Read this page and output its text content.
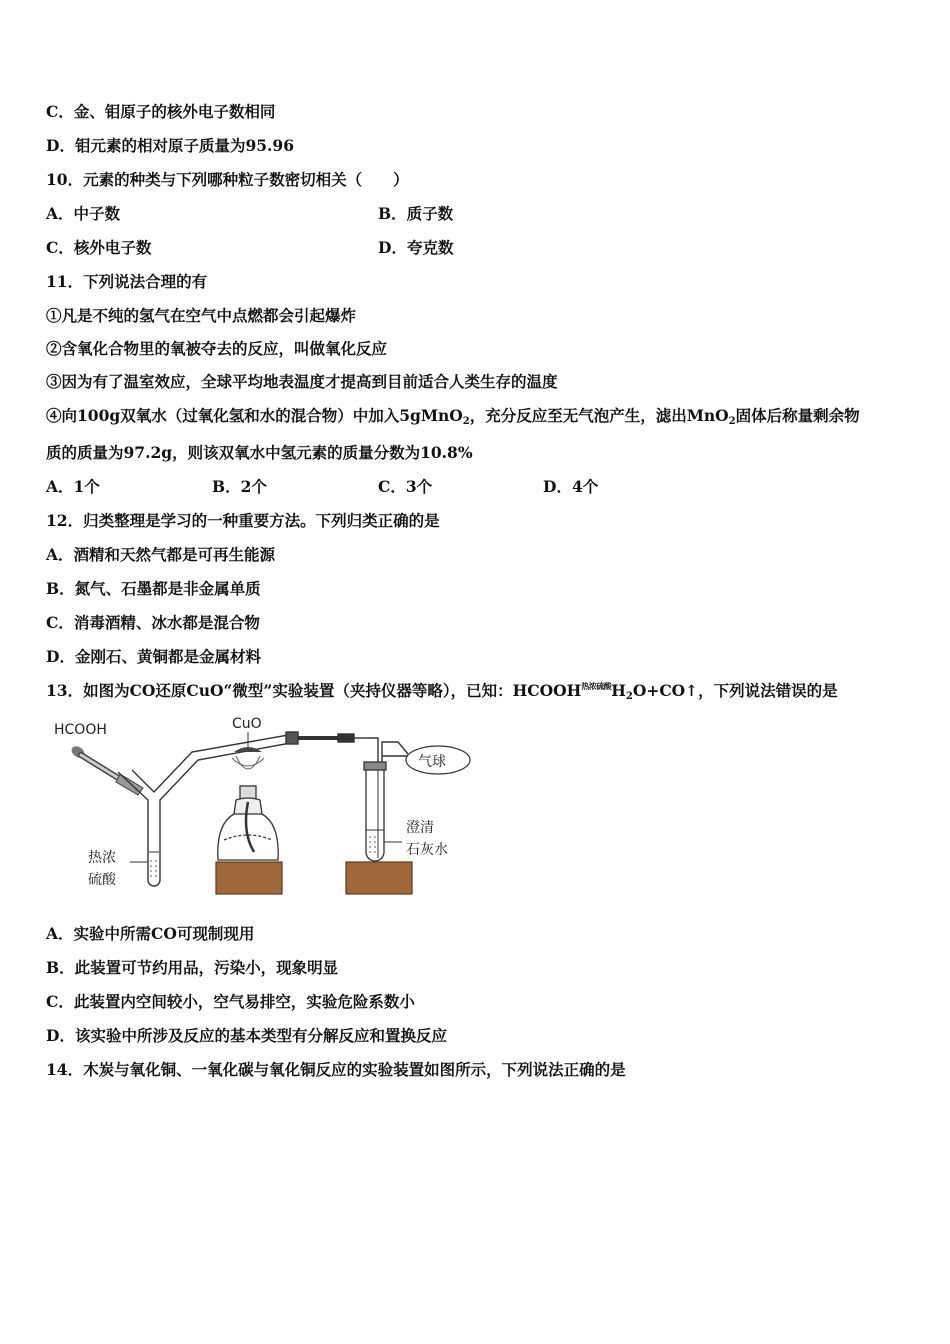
C．金、钼原子的核外电子数相同
D．钼元素的相对原子质量为95.96
10．元素的种类与下列哪种粒子数密切相关（　　）
A．中子数	B．质子数
C．核外电子数	D．夸克数
11．下列说法合理的有
①凡是不纯的氢气在空气中点燃都会引起爆炸
②含氧化合物里的氧被夺去的反应，叫做氧化反应
③因为有了温室效应，全球平均地表温度才提高到目前适合人类生存的温度
④向100g双氧水（过氧化氢和水的混合物）中加入5gMnO$_2$，充分反应至无气泡产生，滤出MnO$_2$固体后称量剩余物
质的质量为97.2g，则该双氧水中氢元素的质量分数为10.8%
A．1个	B．2个	C．3个	D．4个
12．归类整理是学习的一种重要方法。下列归类正确的是
A．酒精和天然气都是可再生能源
B．氮气、石墨都是非金属单质
C．消毒酒精、冰水都是混合物
D．金刚石、黄铜都是金属材料
13．如图为CO还原CuO“微型”实验装置（夹持仪器等略），已知：$HCOOH^{热浓硫酸}H_2O+CO↑$，下列说法错误的是
HCOOH	CuO
气球
澄清
石灰水
热浓
硫酸
A．实验中所需CO可现制现用
B．此装置可节约用品，污染小，现象明显
C．此装置内空间较小，空气易排空，实验危险系数小
D．该实验中所涉及反应的基本类型有分解反应和置换反应
14．木炭与氧化铜、一氧化碳与氧化铜反应的实验装置如图所示，下列说法正确的是
